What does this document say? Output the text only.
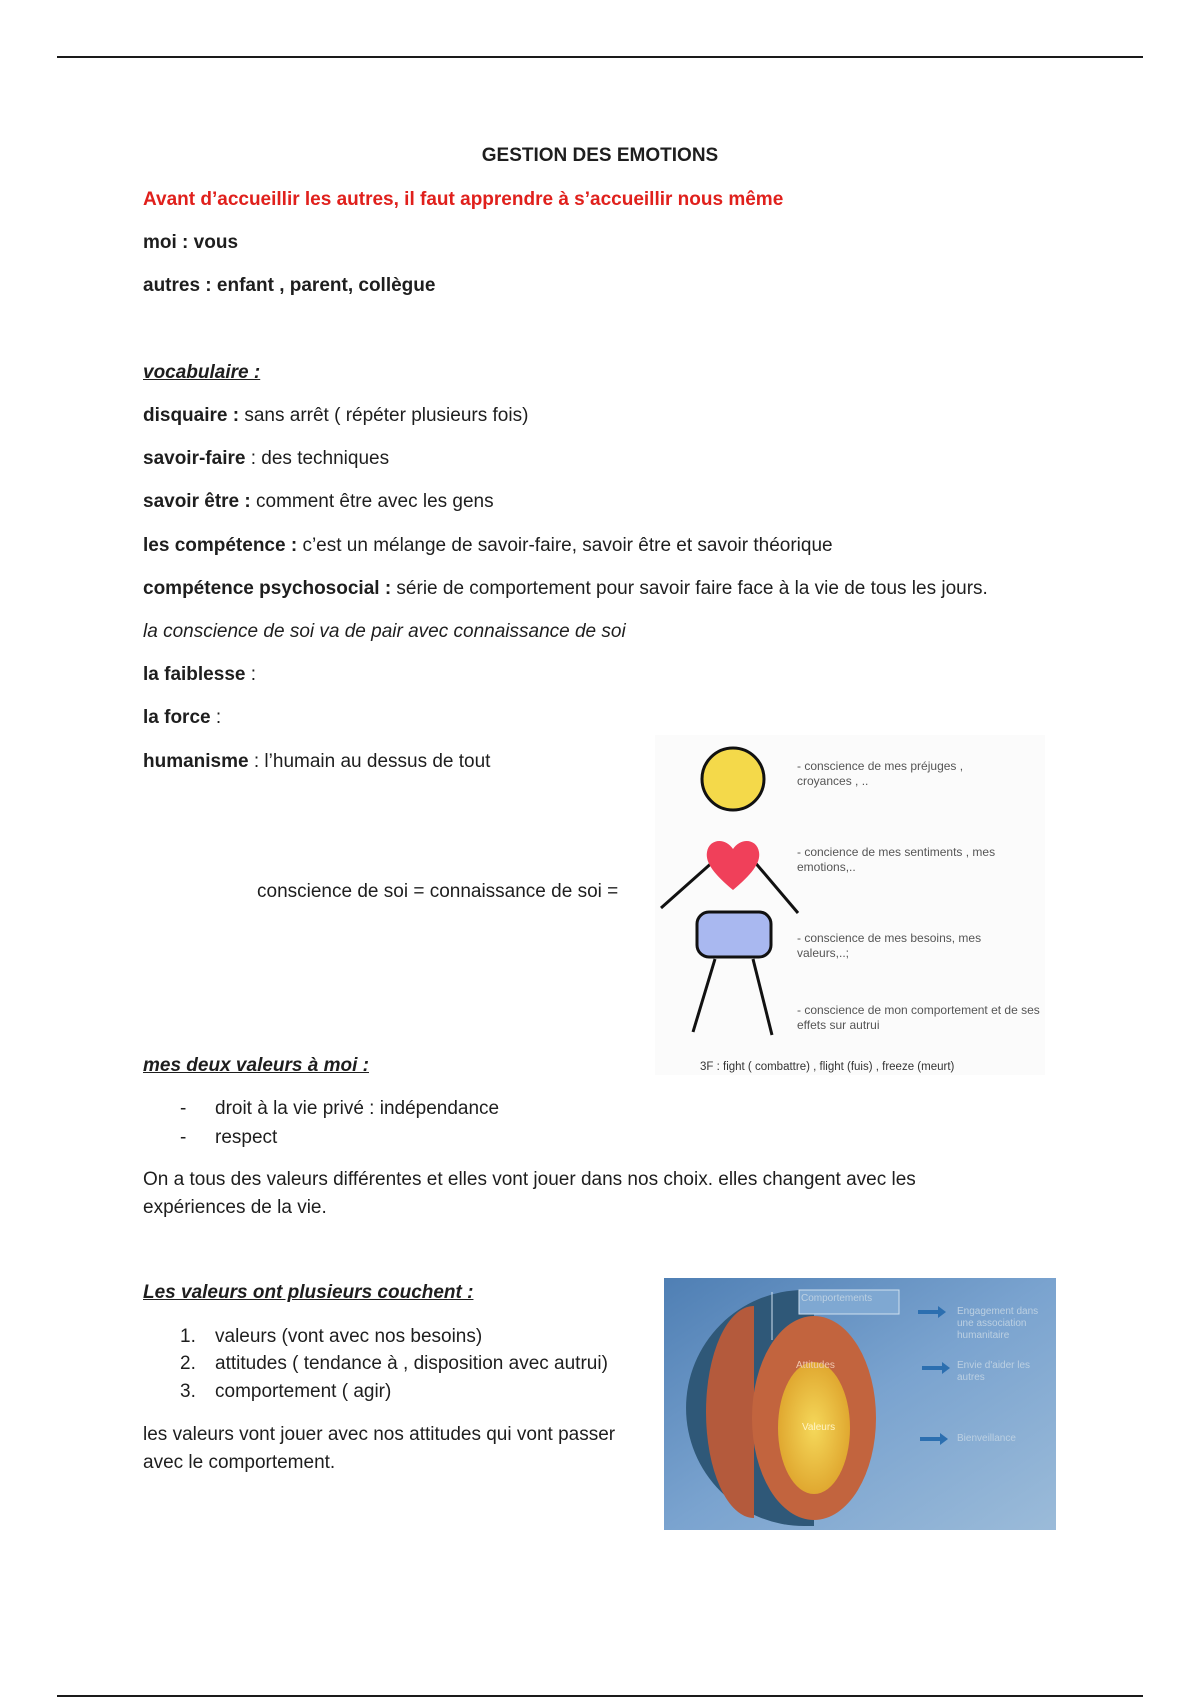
GESTION DES EMOTIONS
Avant d’accueillir les autres, il faut apprendre à s’accueillir nous même
moi : vous
autres : enfant , parent, collègue
vocabulaire :
disquaire : sans arrêt ( répéter plusieurs fois)
savoir-faire : des techniques
savoir être : comment être avec les gens
les compétence : c’est un mélange de savoir-faire, savoir être et savoir théorique
compétence psychosocial : série de comportement pour savoir faire face à la vie de tous les jours.
la conscience de soi va de pair avec connaissance de soi
la faiblesse :
la force :
humanisme : l’humain au dessus de tout
conscience de soi = connaissance de soi =
- conscience de mes préjuges , croyances , ..
- concience de mes sentiments , mes emotions,..
- conscience de mes besoins, mes valeurs,..;
- conscience de mon comportement et de ses effets sur autrui
3F : fight ( combattre) , flight (fuis) , freeze (meurt)
mes deux valeurs à moi :
- droit à la vie privé : indépendance
- respect
On a tous des valeurs différentes et elles vont jouer dans nos choix. elles changent avec les
expériences de la vie.
Les valeurs ont plusieurs couchent :
1. valeurs (vont avec nos besoins)
2. attitudes ( tendance à , disposition avec autrui)
3. comportement ( agir)
les valeurs vont jouer avec nos attitudes qui vont passer
avec le comportement.
Comportements
Engagement dans une association humanitaire
Envie d'aider les autres
Bienveillance
Attitudes
Valeurs
